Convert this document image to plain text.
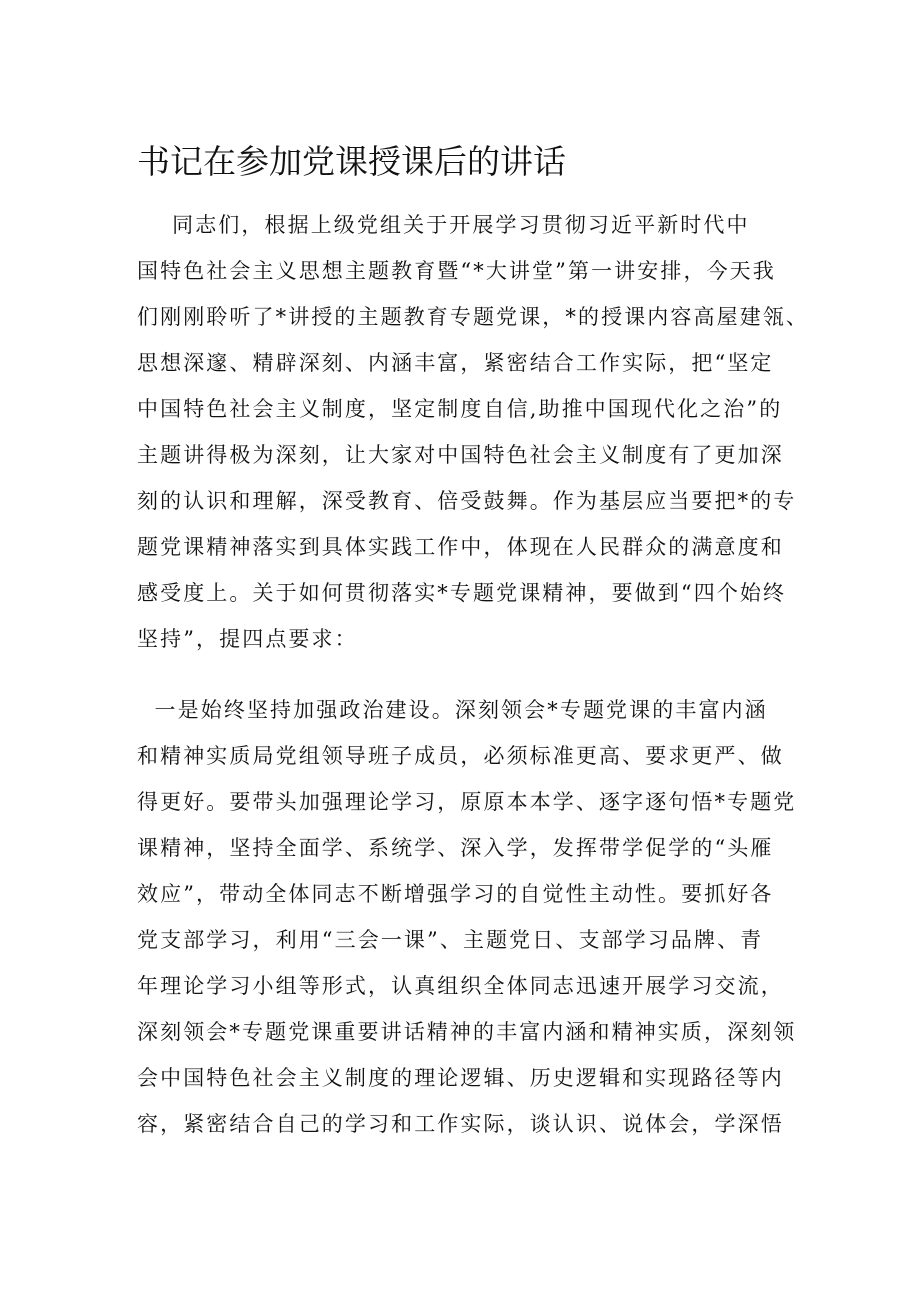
书记在参加党课授课后的讲话
同志们，根据上级党组关于开展学习贯彻习近平新时代中
国特色社会主义思想主题教育暨“*大讲堂”第一讲安排，今天我
们刚刚聆听了*讲授的主题教育专题党课，*的授课内容高屋建瓴、
思想深邃、精辟深刻、内涵丰富，紧密结合工作实际，把“坚定
中国特色社会主义制度，坚定制度自信,助推中国现代化之治”的
主题讲得极为深刻，让大家对中国特色社会主义制度有了更加深
刻的认识和理解，深受教育、倍受鼓舞。作为基层应当要把*的专
题党课精神落实到具体实践工作中，体现在人民群众的满意度和
感受度上。关于如何贯彻落实*专题党课精神，要做到“四个始终
坚持”，提四点要求：
一是始终坚持加强政治建设。深刻领会*专题党课的丰富内涵
和精神实质局党组领导班子成员，必须标准更高、要求更严、做
得更好。要带头加强理论学习，原原本本学、逐字逐句悟*专题党
课精神，坚持全面学、系统学、深入学，发挥带学促学的“头雁
效应”，带动全体同志不断增强学习的自觉性主动性。要抓好各
党支部学习，利用“三会一课”、主题党日、支部学习品牌、青
年理论学习小组等形式，认真组织全体同志迅速开展学习交流，
深刻领会*专题党课重要讲话精神的丰富内涵和精神实质，深刻领
会中国特色社会主义制度的理论逻辑、历史逻辑和实现路径等内
容，紧密结合自己的学习和工作实际，谈认识、说体会，学深悟
